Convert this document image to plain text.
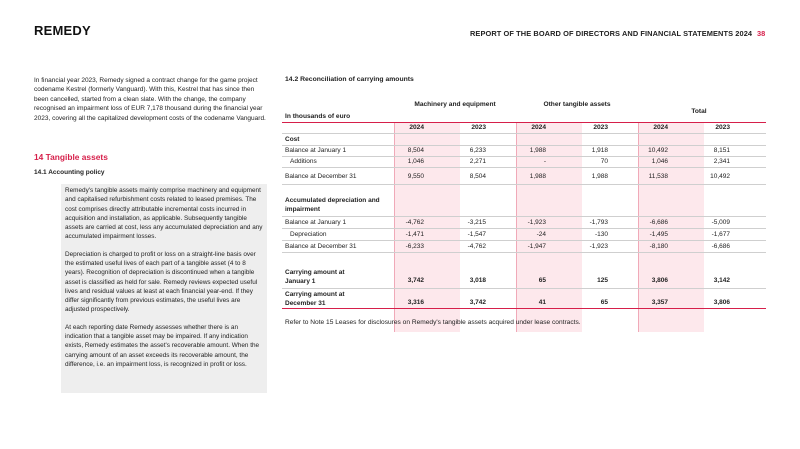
REMEDY	REPORT OF THE BOARD OF DIRECTORS AND FINANCIAL STATEMENTS 2024 38
In financial year 2023, Remedy signed a contract change for the game project codename Kestrel (formerly Vanguard). With this, Kestrel that has since then been cancelled, started from a clean slate. With the change, the company recognised an impairment loss of EUR 7,178 thousand during the financial year 2023, covering all the capitalized development costs of the codename Vanguard.
14 Tangible assets
14.1 Accounting policy

Remedy's tangible assets mainly comprise machinery and equipment and capitalised refurbishment costs related to leased premises. The cost comprises directly attributable incremental costs incurred in acquisition and installation, as applicable. Subsequently tangible assets are carried at cost, less any accumulated depreciation and any accumulated impairment losses.

Depreciation is charged to profit or loss on a straight-line basis over the estimated useful lives of each part of a tangible asset (4 to 8 years). Recognition of depreciation is discontinued when a tangible asset is classified as held for sale. Remedy reviews expected useful lives and residual values at least at each financial year-end. If they differ significantly from previous estimates, the useful lives are adjusted prospectively.

At each reporting date Remedy assesses whether there is an indication that a tangible asset may be impaired. If any indication exists, Remedy estimates the asset's recoverable amount. When the carrying amount of an asset exceeds its recoverable amount, the difference, i.e. an impairment loss, is recognized in profit or loss.

14.2 Reconciliation of carrying amounts
Machinery and equipment	Other tangible assets
Total
In thousands of euro
2024	2023	2024	2023	2024	2023
Cost
Balance at January 1	8,504	6,233	1,988	1,918	10,492	8,151
Additions	1,046	2,271	-	70	1,046	2,341
Balance at December 31	9,550	8,504	1,988	1,988	11,538	10,492
Accumulated depreciation and impairment
Balance at January 1	-4,762	-3,215	-1,923	-1,793	-6,686	-5,009
Depreciation	-1,471	-1,547	-24	-130	-1,495	-1,677
Balance at December 31	-6,233	-4,762	-1,947	-1,923	-8,180	-6,686
Carrying amount at January 1	3,742	3,018	65	125	3,806	3,142
Carrying amount at December 31	3,316	3,742	41	65	3,357	3,806
Refer to Note 15 Leases for disclosures on Remedy's tangible assets acquired under lease contracts.
